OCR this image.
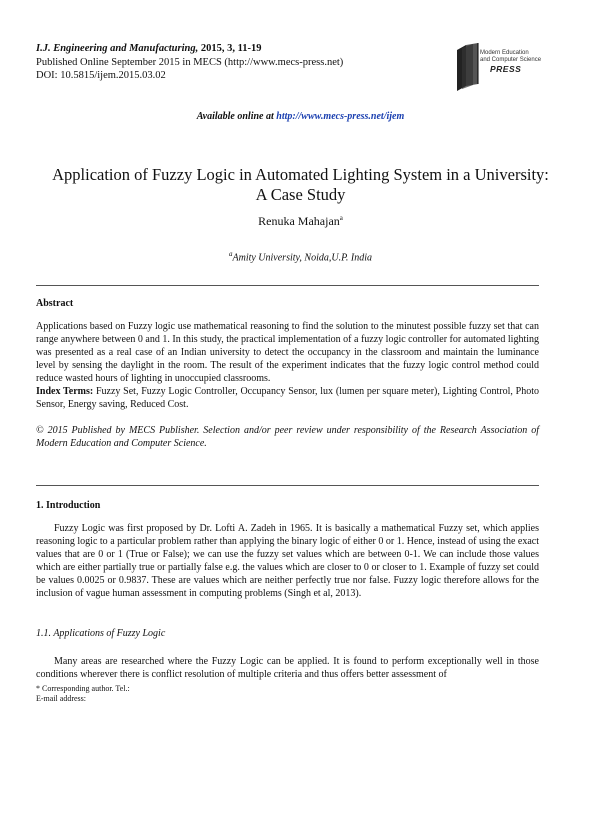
I.J. Engineering and Manufacturing, 2015, 3, 11-19
Published Online September 2015 in MECS (http://www.mecs-press.net)
DOI: 10.5815/ijem.2015.03.02
Modern Education
and Computer Science
PRESS
Available online at http://www.mecs-press.net/ijem
Application of Fuzzy Logic in Automated Lighting System in a University: A Case Study
Renuka Mahajan$^a$
$^a$Amity University, Noida,U.P. India
Abstract
Applications based on Fuzzy logic use mathematical reasoning to find the solution to the minutest possible fuzzy set that can range anywhere between 0 and 1. In this study, the practical implementation of a fuzzy logic controller for automated lighting was presented as a real case of an Indian university to detect the occupancy in the classroom and maintain the luminance level by sensing the daylight in the room. The result of the experiment indicates that the fuzzy logic control method could reduce wasted hours of lighting in unoccupied classrooms.
Index Terms: Fuzzy Set, Fuzzy Logic Controller, Occupancy Sensor, lux (lumen per square meter), Lighting Control, Photo Sensor, Energy saving, Reduced Cost.
© 2015 Published by MECS Publisher. Selection and/or peer review under responsibility of the Research Association of Modern Education and Computer Science.
1. Introduction
Fuzzy Logic was first proposed by Dr. Lofti A. Zadeh in 1965. It is basically a mathematical Fuzzy set, which applies reasoning logic to a particular problem rather than applying the binary logic of either 0 or 1. Hence, instead of using the exact values that are 0 or 1 (True or False); we can use the fuzzy set values which are between 0-1. We can include those values which are either partially true or partially false e.g. the values which are closer to 0 or closer to 1. Example of fuzzy set could be values 0.0025 or 0.9837. These are values which are neither perfectly true nor false. Fuzzy logic therefore allows for the inclusion of vague human assessment in computing problems (Singh et al, 2013).
1.1. Applications of Fuzzy Logic
Many areas are researched where the Fuzzy Logic can be applied. It is found to perform exceptionally well in those conditions wherever there is conflict resolution of multiple criteria and thus offers better assessment of
* Corresponding author. Tel.:
E-mail address:
